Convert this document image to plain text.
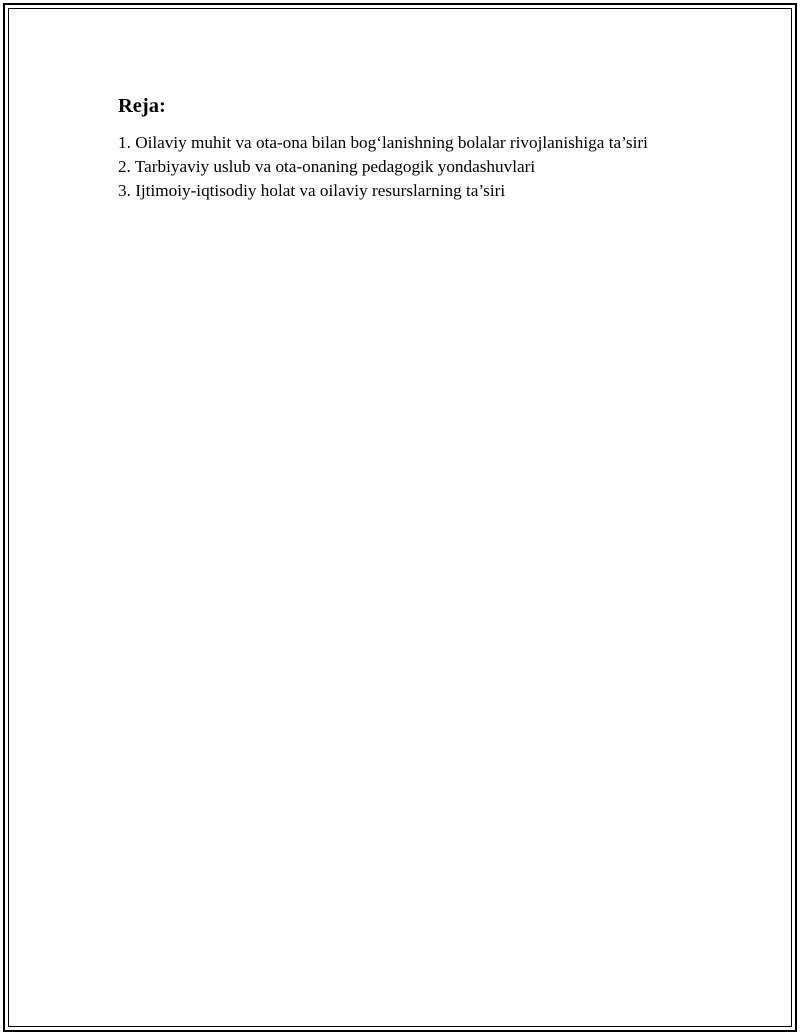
Reja:
1. Oilaviy muhit va ota-ona bilan bog‘lanishning bolalar rivojlanishiga ta’siri
2. Tarbiyaviy uslub va ota-onaning pedagogik yondashuvlari
3. Ijtimoiy-iqtisodiy holat va oilaviy resurslarning ta’siri
